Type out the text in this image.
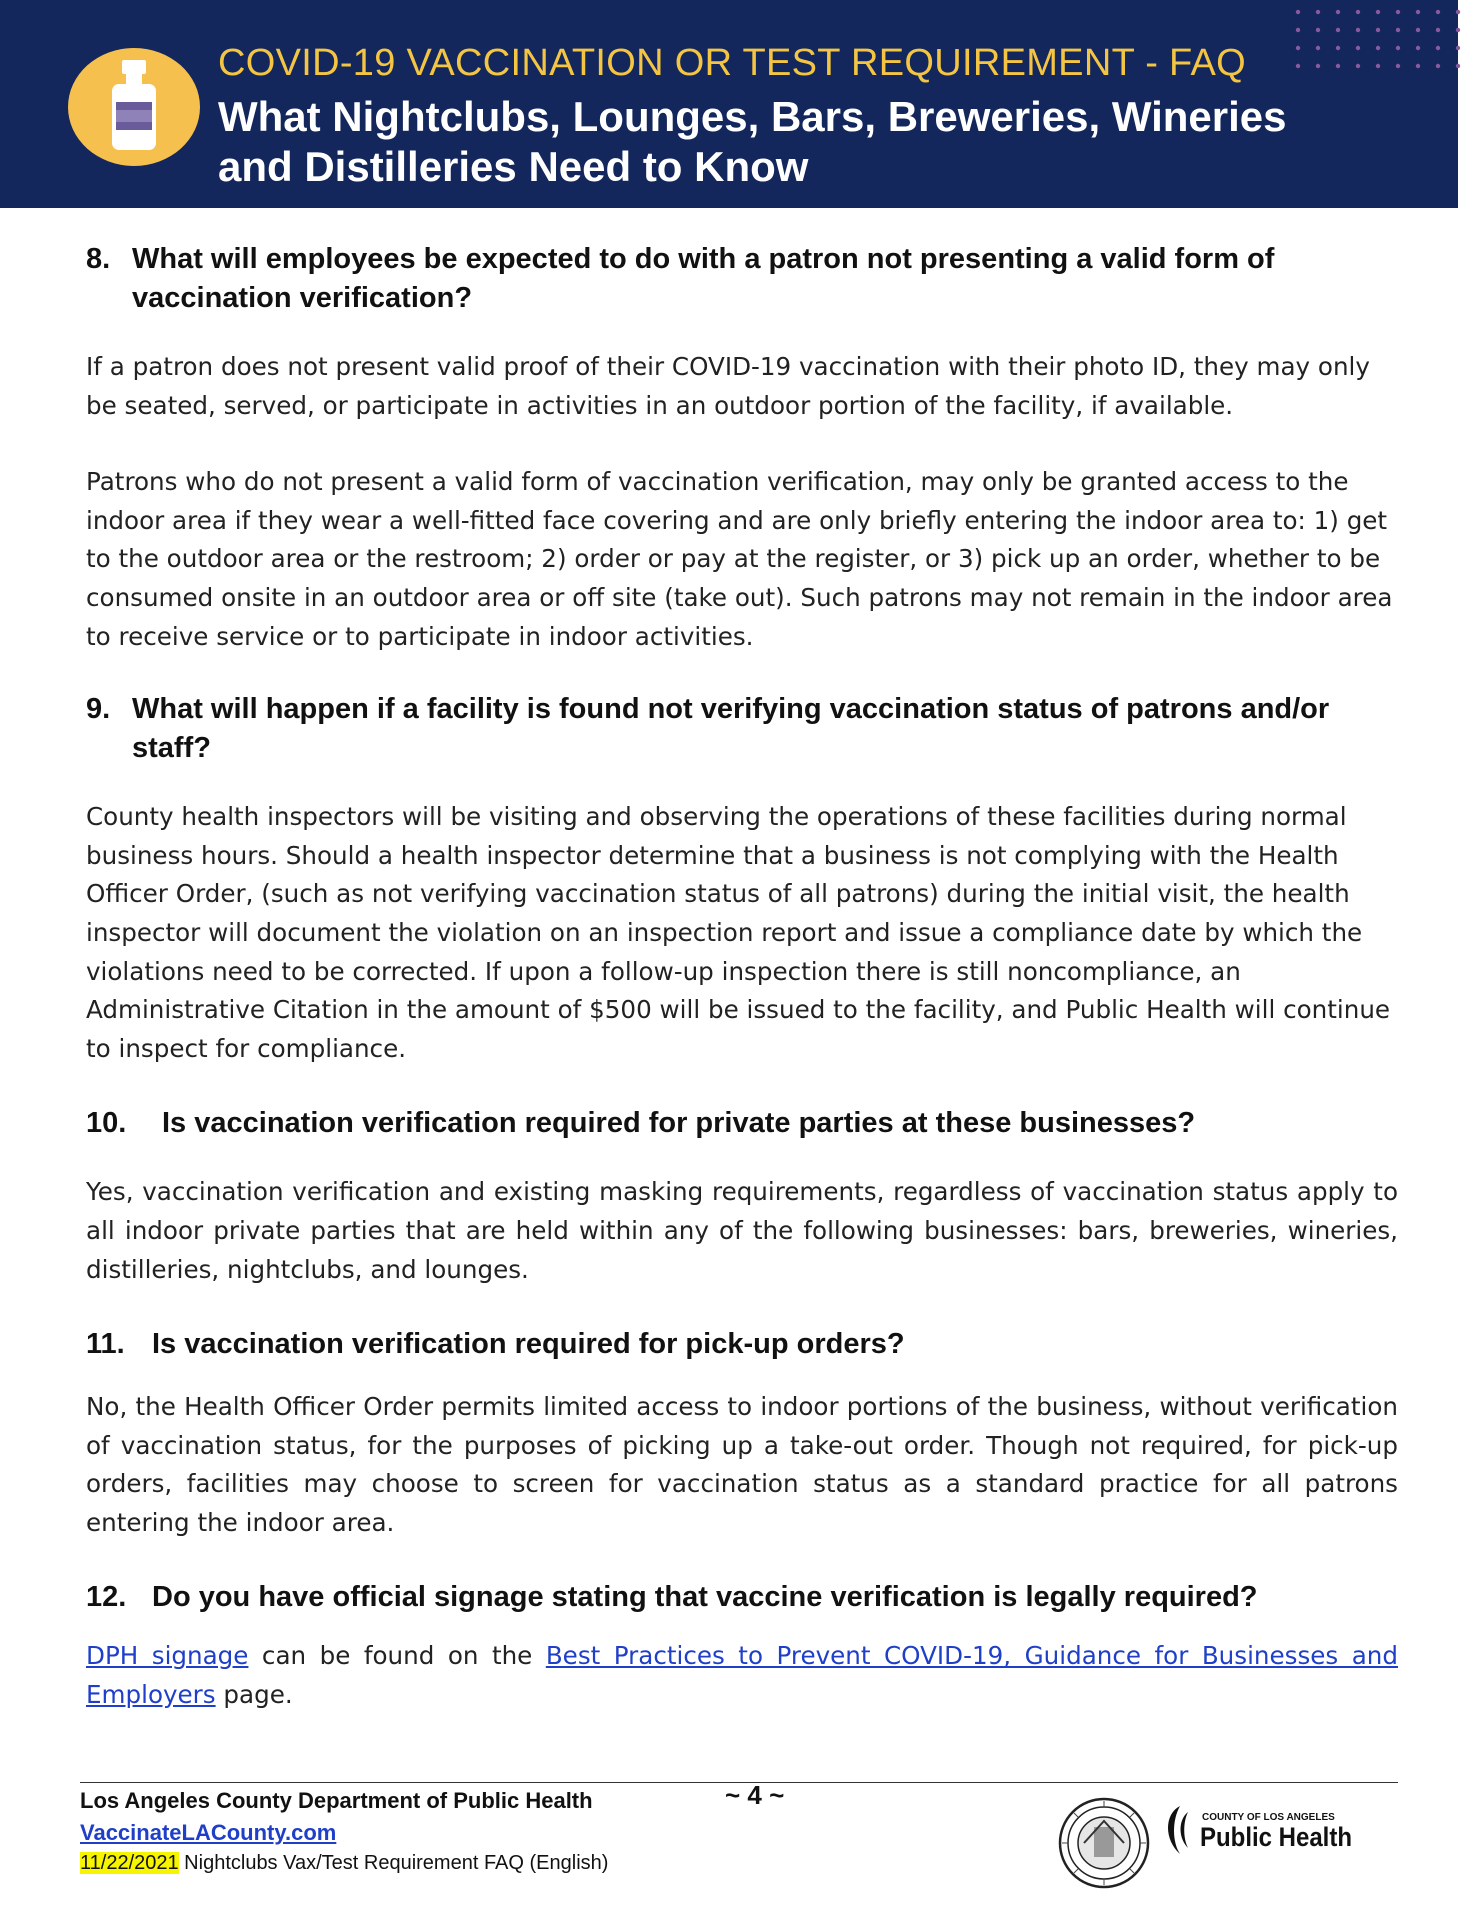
COVID-19 VACCINATION OR TEST REQUIREMENT - FAQ
What Nightclubs, Lounges, Bars, Breweries, Wineries
and Distilleries Need to Know
8. What will employees be expected to do with a patron not presenting a valid form of vaccination verification?

If a patron does not present valid proof of their COVID-19 vaccination with their photo ID, they may only be seated, served, or participate in activities in an outdoor portion of the facility, if available.

Patrons who do not present a valid form of vaccination verification, may only be granted access to the indoor area if they wear a well-fitted face covering and are only briefly entering the indoor area to: 1) get to the outdoor area or the restroom; 2) order or pay at the register, or 3) pick up an order, whether to be consumed onsite in an outdoor area or off site (take out). Such patrons may not remain in the indoor area to receive service or to participate in indoor activities.

9. What will happen if a facility is found not verifying vaccination status of patrons and/or staff?

County health inspectors will be visiting and observing the operations of these facilities during normal business hours. Should a health inspector determine that a business is not complying with the Health Officer Order, (such as not verifying vaccination status of all patrons) during the initial visit, the health inspector will document the violation on an inspection report and issue a compliance date by which the violations need to be corrected. If upon a follow-up inspection there is still noncompliance, an Administrative Citation in the amount of $500 will be issued to the facility, and Public Health will continue to inspect for compliance.

10.	Is vaccination verification required for private parties at these businesses?

Yes, vaccination verification and existing masking requirements, regardless of vaccination status apply to all indoor private parties that are held within any of the following businesses: bars, breweries, wineries, distilleries, nightclubs, and lounges.

11. Is vaccination verification required for pick-up orders?

No, the Health Officer Order permits limited access to indoor portions of the business, without verification of vaccination status, for the purposes of picking up a take-out order. Though not required, for pick-up orders, facilities may choose to screen for vaccination status as a standard practice for all patrons entering the indoor area.

12. Do you have official signage stating that vaccine verification is legally required?

DPH signage can be found on the Best Practices to Prevent COVID-19, Guidance for Businesses and Employers page.

Los Angeles County Department of Public Health	~ 4 ~
VaccinateLACounty.com
11/22/2021 Nightclubs Vax/Test Requirement FAQ (English)
COUNTY OF LOS ANGELES
Public Health
